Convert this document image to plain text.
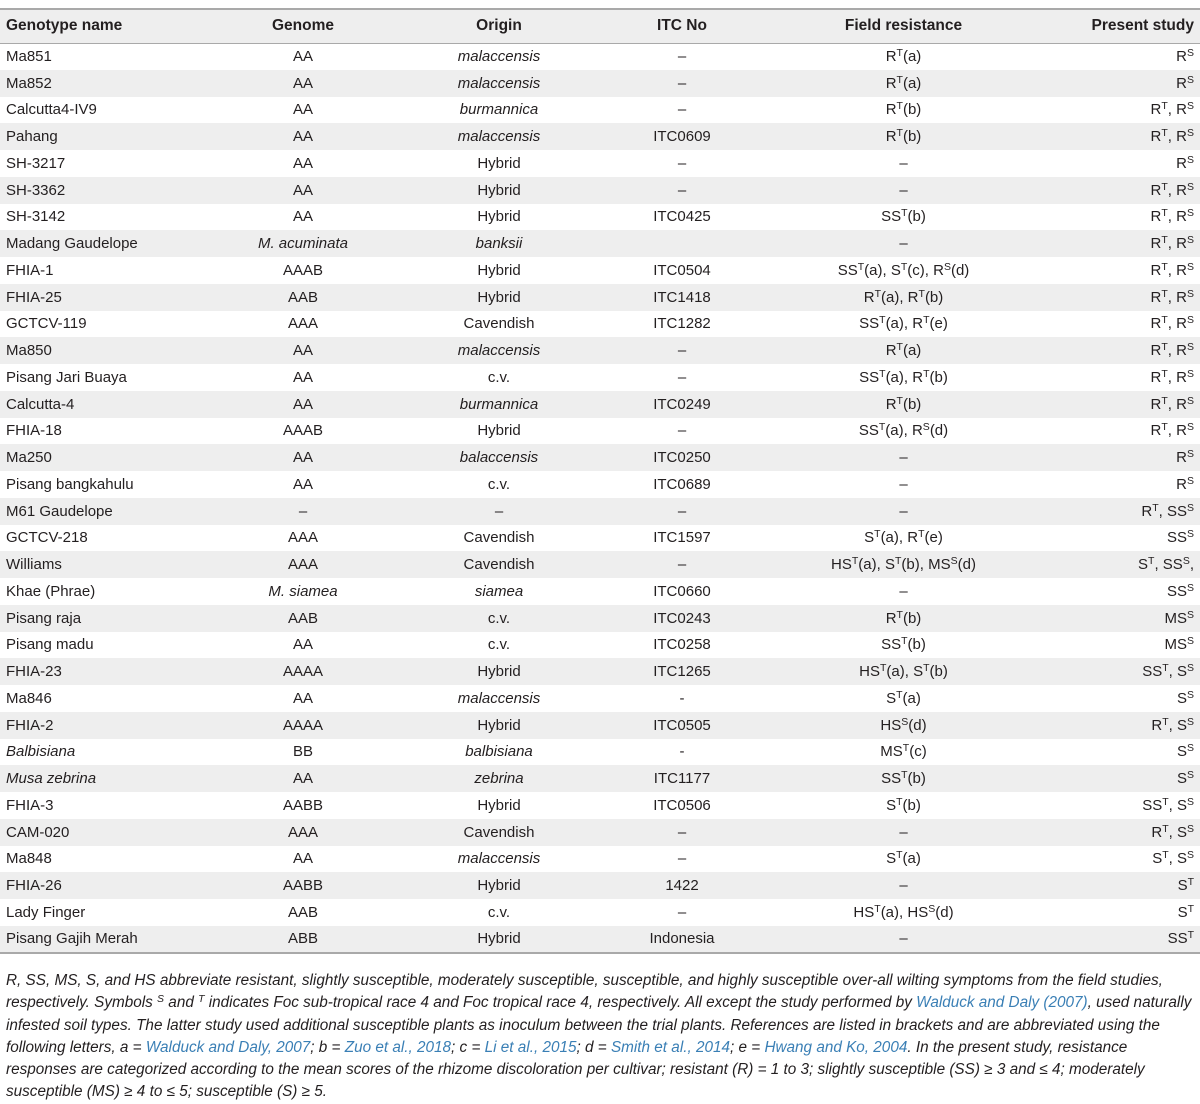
Genotype name	Genome	Origin	ITC No	Field resistance	Present study
Ma851	AA	malaccensis	–	$R^T(a)$	$R^S$
Ma852	AA	malaccensis	–	$R^T(a)$	$R^S$
Calcutta4-IV9	AA	burmannica	–	$R^T(b)$	$R^T$, $R^S$
Pahang	AA	malaccensis	ITC0609	$R^T(b)$	$R^T$, $R^S$
SH-3217	AA	Hybrid	–	–	$R^S$
SH-3362	AA	Hybrid	–	–	$R^T$, $R^S$
SH-3142	AA	Hybrid	ITC0425	$SS^T(b)$	$R^T$, $R^S$
Madang Gaudelope	M. acuminata	banksii		–	$R^T$, $R^S$
FHIA-1	AAAB	Hybrid	ITC0504	$SS^T(a)$, $S^T(c)$, $R^S(d)$	$R^T$, $R^S$
FHIA-25	AAB	Hybrid	ITC1418	$R^T(a)$, $R^T(b)$	$R^T$, $R^S$
GCTCV-119	AAA	Cavendish	ITC1282	$SS^T(a)$, $R^T(e)$	$R^T$, $R^S$
Ma850	AA	malaccensis	–	$R^T(a)$	$R^T$, $R^S$
Pisang Jari Buaya	AA	c.v.	–	$SS^T(a)$, $R^T(b)$	$R^T$, $R^S$
Calcutta-4	AA	burmannica	ITC0249	$R^T(b)$	$R^T$, $R^S$
FHIA-18	AAAB	Hybrid	–	$SS^T(a)$, $R^S(d)$	$R^T$, $R^S$
Ma250	AA	balaccensis	ITC0250	–	$R^S$
Pisang bangkahulu	AA	c.v.	ITC0689	–	$R^S$
M61 Gaudelope	–	–	–	–	$R^T$, $SS^S$
GCTCV-218	AAA	Cavendish	ITC1597	$S^T(a)$, $R^T(e)$	$SS^S$
Williams	AAA	Cavendish	–	$HS^T(a)$, $S^T(b)$, $MS^S(d)$	$S^T$, $SS^S$,
Khae (Phrae)	M. siamea	siamea	ITC0660	–	$SS^S$
Pisang raja	AAB	c.v.	ITC0243	$R^T(b)$	$MS^S$
Pisang madu	AA	c.v.	ITC0258	$SS^T(b)$	$MS^S$
FHIA-23	AAAA	Hybrid	ITC1265	$HS^T(a)$, $S^T(b)$	$SS^T$, $S^S$
Ma846	AA	malaccensis	-	$S^T(a)$	$S^S$
FHIA-2	AAAA	Hybrid	ITC0505	$HS^S(d)$	$R^T$, $S^S$
Balbisiana	BB	balbisiana	-	$MS^T(c)$	$S^S$
Musa zebrina	AA	zebrina	ITC1177	$SS^T(b)$	$S^S$
FHIA-3	AABB	Hybrid	ITC0506	$S^T(b)$	$SS^T$, $S^S$
CAM-020	AAA	Cavendish	–	–	$R^T$, $S^S$
Ma848	AA	malaccensis	–	$S^T(a)$	$S^T$, $S^S$
FHIA-26	AABB	Hybrid	1422	–	$S^T$
Lady Finger	AAB	c.v.	–	$HS^T(a)$, $HS^S(d)$	$S^T$
Pisang Gajih Merah	ABB	Hybrid	Indonesia	–	$SS^T$
R, SS, MS, S, and HS abbreviate resistant, slightly susceptible, moderately susceptible, susceptible, and highly susceptible over-all wilting symptoms from the field studies, respectively. Symbols $^S$ and $^T$ indicates Foc sub-tropical race 4 and Foc tropical race 4, respectively. All except the study performed by Walduck and Daly (2007), used naturally infested soil types. The latter study used additional susceptible plants as inoculum between the trial plants. References are listed in brackets and are abbreviated using the following letters, a = Walduck and Daly, 2007; b = Zuo et al., 2018; c = Li et al., 2015; d = Smith et al., 2014; e = Hwang and Ko, 2004. In the present study, resistance responses are categorized according to the mean scores of the rhizome discoloration per cultivar; resistant (R) = 1 to 3; slightly susceptible (SS) ≥ 3 and ≤ 4; moderately susceptible (MS) ≥ 4 to ≤ 5; susceptible (S) ≥ 5.
